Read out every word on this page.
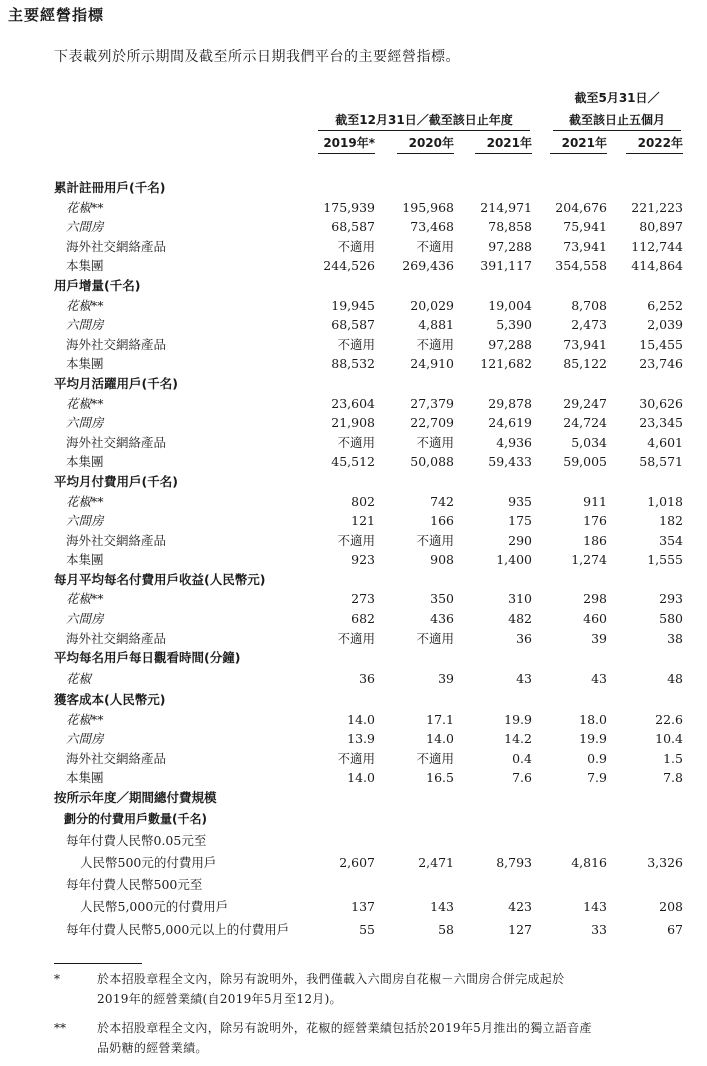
主要經營指標
下表載列於所示期間及截至所示日期我們平台的主要經營指標。
截至12月31日／截至該日止年度
截至5月31日／
截至該日止五個月
2019年*	2020年	2021年	2021年	2022年
累計註冊用戶(千名)
花椒**	175,939	195,968	214,971	204,676	221,223
六間房	68,587	73,468	78,858	75,941	80,897
海外社交網絡產品	不適用	不適用	97,288	73,941	112,744
本集團	244,526	269,436	391,117	354,558	414,864
用戶增量(千名)
花椒**	19,945	20,029	19,004	8,708	6,252
六間房	68,587	4,881	5,390	2,473	2,039
海外社交網絡產品	不適用	不適用	97,288	73,941	15,455
本集團	88,532	24,910	121,682	85,122	23,746
平均月活躍用戶(千名)
花椒**	23,604	27,379	29,878	29,247	30,626
六間房	21,908	22,709	24,619	24,724	23,345
海外社交網絡產品	不適用	不適用	4,936	5,034	4,601
本集團	45,512	50,088	59,433	59,005	58,571
平均月付費用戶(千名)
花椒**	802	742	935	911	1,018
六間房	121	166	175	176	182
海外社交網絡產品	不適用	不適用	290	186	354
本集團	923	908	1,400	1,274	1,555
每月平均每名付費用戶收益(人民幣元)
花椒**	273	350	310	298	293
六間房	682	436	482	460	580
海外社交網絡產品	不適用	不適用	36	39	38
平均每名用戶每日觀看時間(分鐘)
花椒	36	39	43	43	48
獲客成本(人民幣元)
花椒**	14.0	17.1	19.9	18.0	22.6
六間房	13.9	14.0	14.2	19.9	10.4
海外社交網絡產品	不適用	不適用	0.4	0.9	1.5
本集團	14.0	16.5	7.6	7.9	7.8
按所示年度／期間總付費規模
劃分的付費用戶數量(千名)
每年付費人民幣0.05元至
人民幣500元的付費用戶	2,607	2,471	8,793	4,816	3,326
每年付費人民幣500元至
人民幣5,000元的付費用戶	137	143	423	143	208
每年付費人民幣5,000元以上的付費用戶	55	58	127	33	67
*	於本招股章程全文內，除另有說明外，我們僅載入六間房自花椒－六間房合併完成起於
2019年的經營業績(自2019年5月至12月)。
**	於本招股章程全文內，除另有說明外，花椒的經營業績包括於2019年5月推出的獨立語音產
品奶糖的經營業績。
